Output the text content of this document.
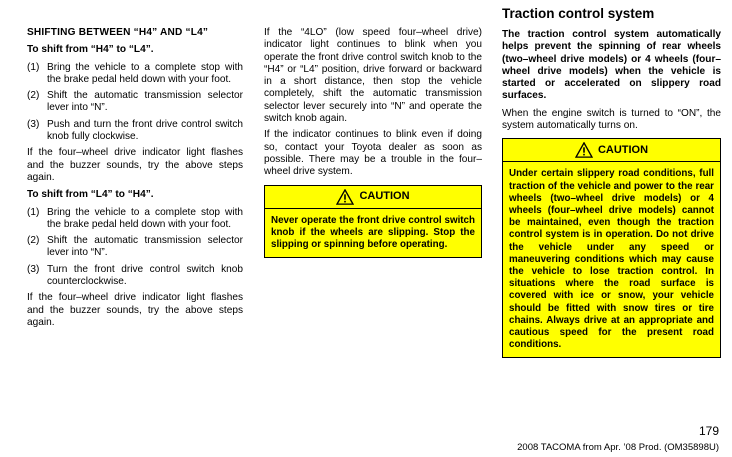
SHIFTING BETWEEN “H4” AND “L4”
To shift from “H4” to “L4”.
(1) Bring the vehicle to a complete stop with the brake pedal held down with your foot.
(2) Shift the automatic transmission selector lever into “N”.
(3) Push and turn the front drive control switch knob fully clockwise.
If the four–wheel drive indicator light flashes and the buzzer sounds, try the above steps again.
To shift from “L4” to “H4”.
(1) Bring the vehicle to a complete stop with the brake pedal held down with your foot.
(2) Shift the automatic transmission selector lever into “N”.
(3) Turn the front drive control switch knob counterclockwise.
If the four–wheel drive indicator light flashes and the buzzer sounds, try the above steps again.
If the “4LO” (low speed four–wheel drive) indicator light continues to blink when you operate the front drive control switch knob to the “H4” or “L4” position, drive forward or backward in a short distance, then stop the vehicle completely, shift the automatic transmission selector lever securely into “N” and operate the switch knob again.
If the indicator continues to blink even if doing so, contact your Toyota dealer as soon as possible. There may be a trouble in the four–wheel drive system.
CAUTION
Never operate the front drive control switch knob if the wheels are slipping. Stop the slipping or spinning before operating.
Traction control system
The traction control system automatically helps prevent the spinning of rear wheels (two–wheel drive models) or 4 wheels (four–wheel drive models) when the vehicle is started or accelerated on slippery road surfaces.
When the engine switch is turned to “ON”, the system automatically turns on.
CAUTION
Under certain slippery road conditions, full traction of the vehicle and power to the rear wheels (two–wheel drive models) or 4 wheels (four–wheel drive models) cannot be maintained, even though the traction control system is in operation. Do not drive the vehicle under any speed or maneuvering conditions which may cause the vehicle to lose traction control. In situations where the road surface is covered with ice or snow, your vehicle should be fitted with snow tires or tire chains. Always drive at an appropriate and cautious speed for the present road conditions.
179
2008 TACOMA from Apr. ’08 Prod. (OM35898U)
